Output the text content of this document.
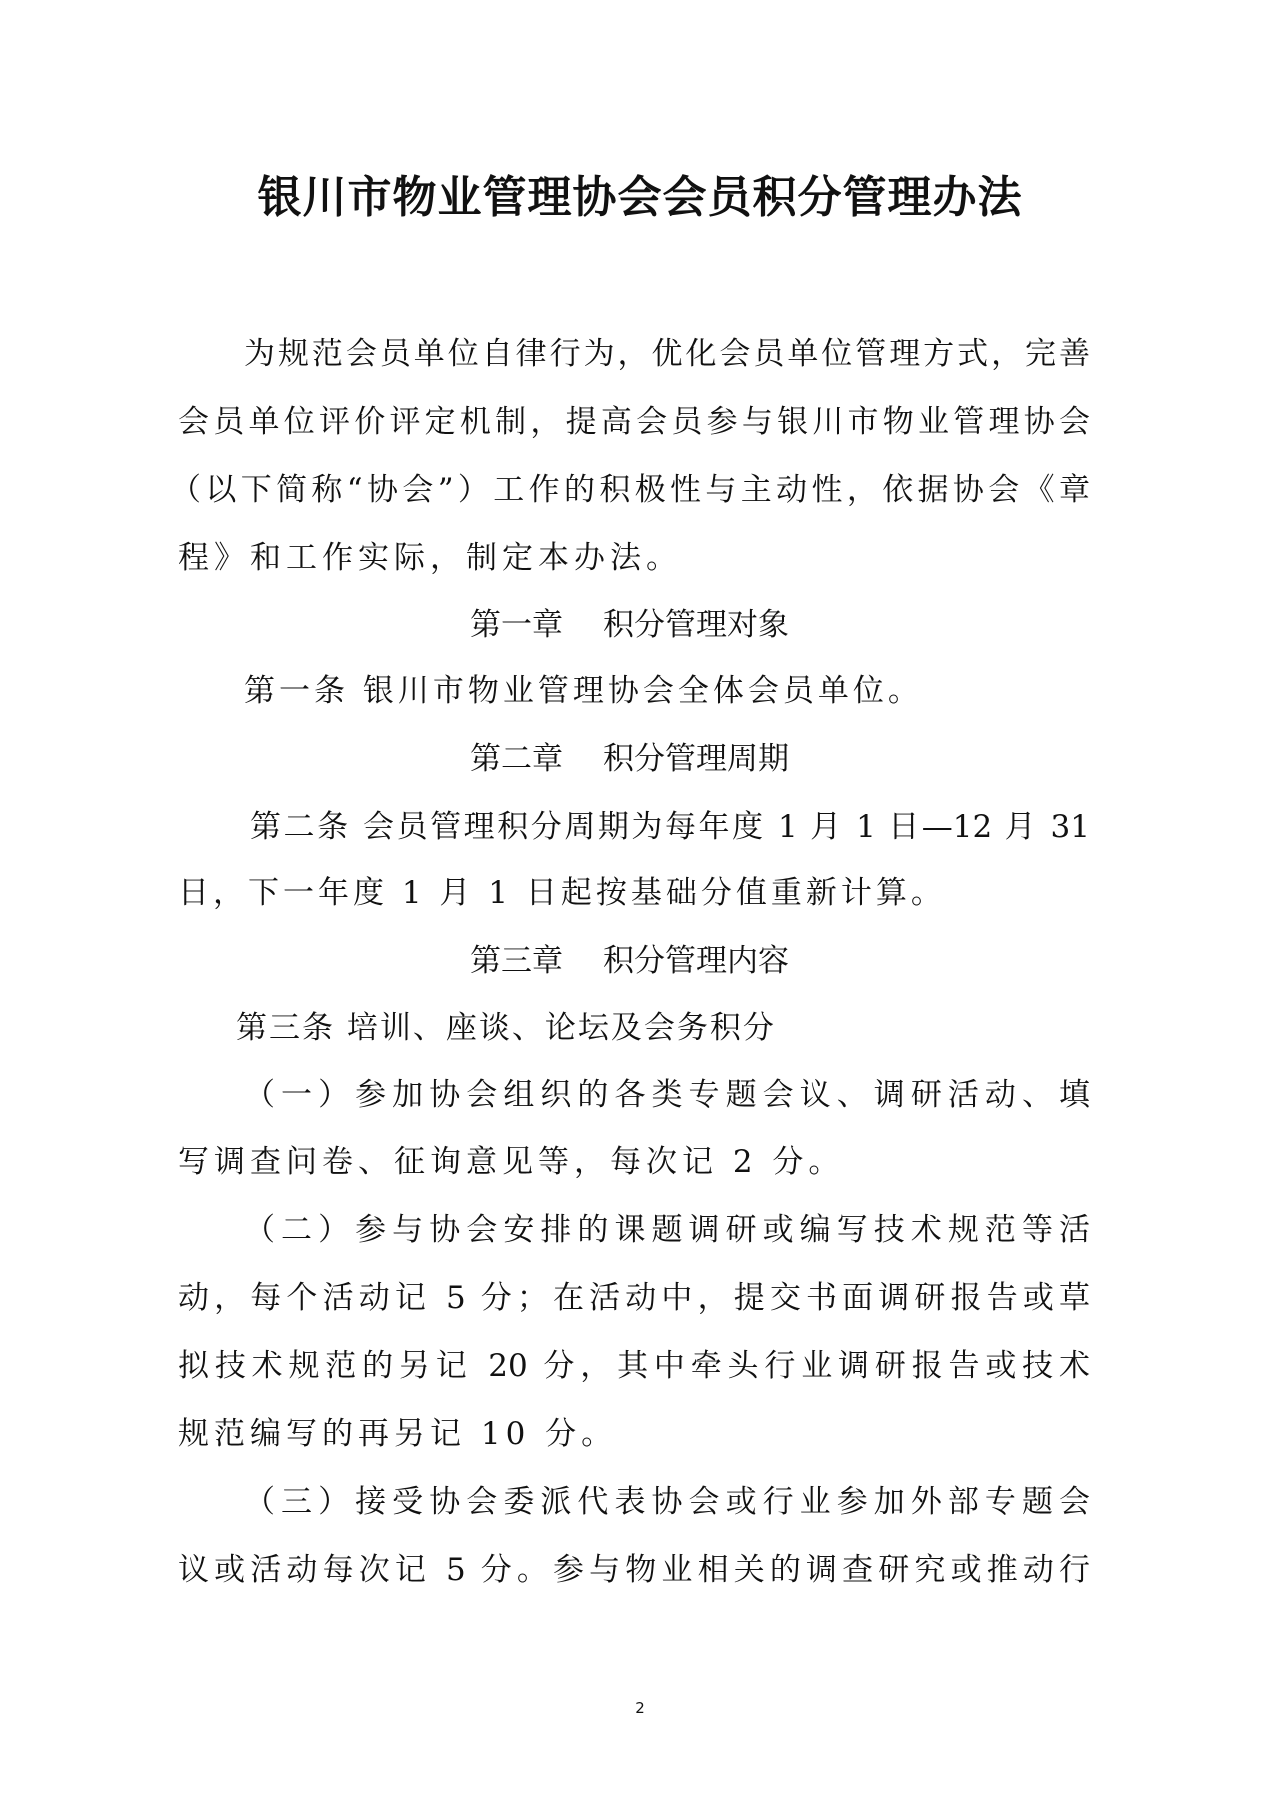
银川市物业管理协会会员积分管理办法

为规范会员单位自律行为，优化会员单位管理方式，完善

会员单位评价评定机制，提高会员参与银川市物业管理协会

（以下简称“协会”）工作的积极性与主动性，依据协会《章

程》和工作实际，制定本办法。

第一章 积分管理对象

第一条 银川市物业管理协会全体会员单位。

第二章 积分管理周期

第二条 会员管理积分周期为每年度 1 月 1 日—12 月 31

日，下一年度 1 月 1 日起按基础分值重新计算。

第三章 积分管理内容

第三条 培训、座谈、论坛及会务积分

（一）参加协会组织的各类专题会议、调研活动、填

写调查问卷、征询意见等，每次记 2 分。

（二）参与协会安排的课题调研或编写技术规范等活

动，每个活动记 5 分；在活动中，提交书面调研报告或草

拟技术规范的另记 20 分，其中牵头行业调研报告或技术

规范编写的再另记 10 分。

（三）接受协会委派代表协会或行业参加外部专题会

议或活动每次记 5 分。参与物业相关的调查研究或推动行

2
